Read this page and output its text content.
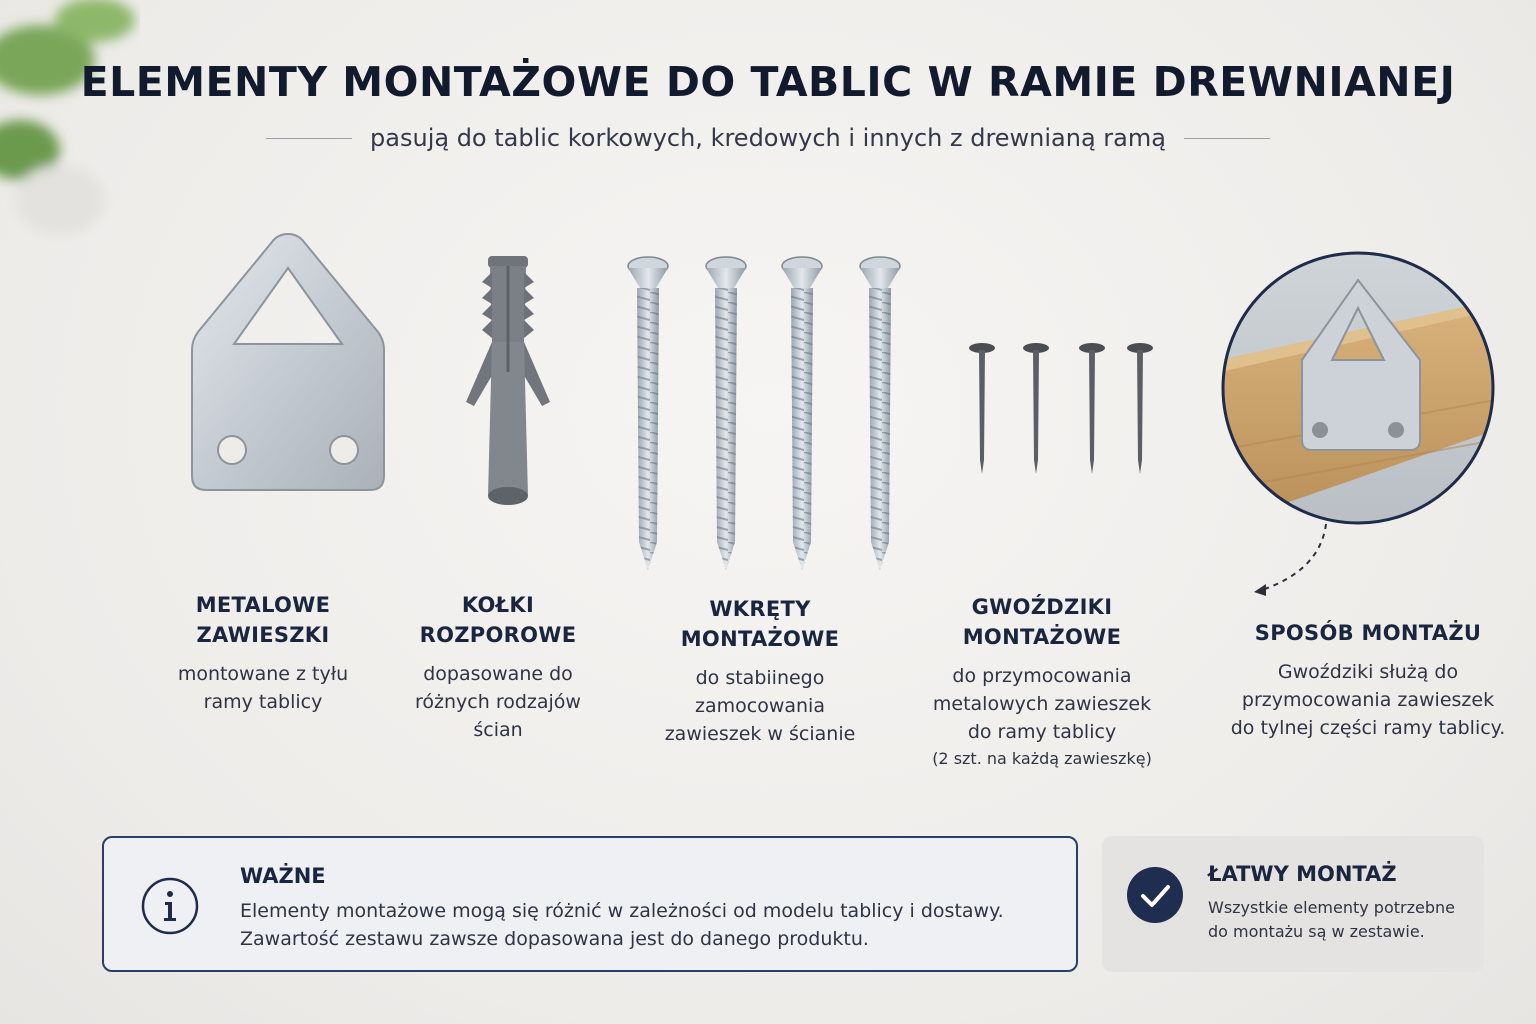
ELEMENTY MONTAŻOWE DO TABLIC W RAMIE DREWNIANEJ
pasują do tablic korkowych, kredowych i innych z drewnianą ramą
METALOWE
ZAWIESZKI

montowane z tyłu

ramy tablicy

KOŁKI
ROZPOROWE

dopasowane do

różnych rodzajów

ścian

WKRĘTY
MONTAŻOWE

do stabiinego

zamocowania

zawieszek w ścianie

GWOŹDZIKI
MONTAŻOWE

do przymocowania

metalowych zawieszek

do ramy tablicy

(2 szt. na każdą zawieszkę)

SPOSÓB MONTAŻU

Gwoździki służą do

przymocowania zawieszek

do tylnej części ramy tablicy.

WAŻNE

Elementy montażowe mogą się różnić w zależności od modelu tablicy i dostawy.

Zawartość zestawu zawsze dopasowana jest do danego produktu.

ŁATWY MONTAŻ

Wszystkie elementy potrzebne

do montażu są w zestawie.
